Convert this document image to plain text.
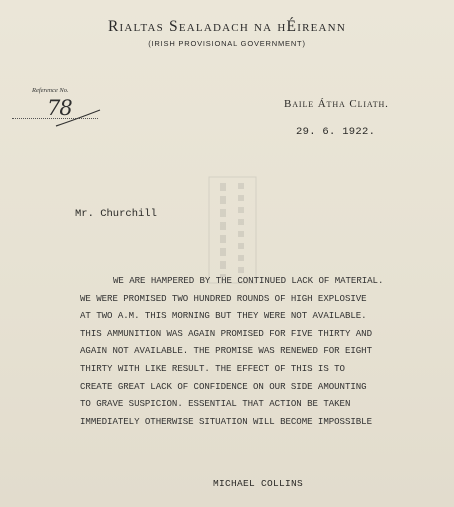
Rialtas Sealadach na hÉireann
(IRISH PROVISIONAL GOVERNMENT)
Reference No.
78	Baile Átha Cliath.
29. 6. 1922.
Mr. Churchill
WE ARE HAMPERED BY THE CONTINUED LACK OF MATERIAL.
WE WERE PROMISED TWO HUNDRED ROUNDS OF HIGH EXPLOSIVE
AT TWO A.M. THIS MORNING BUT THEY WERE NOT AVAILABLE.
THIS AMMUNITION WAS AGAIN PROMISED FOR FIVE THIRTY AND
AGAIN NOT AVAILABLE. THE PROMISE WAS RENEWED FOR EIGHT
THIRTY WITH LIKE RESULT. THE EFFECT OF THIS IS TO
CREATE GREAT LACK OF CONFIDENCE ON OUR SIDE AMOUNTING
TO GRAVE SUSPICION. ESSENTIAL THAT ACTION BE TAKEN
IMMEDIATELY OTHERWISE SITUATION WILL BECOME IMPOSSIBLE
MICHAEL COLLINS
